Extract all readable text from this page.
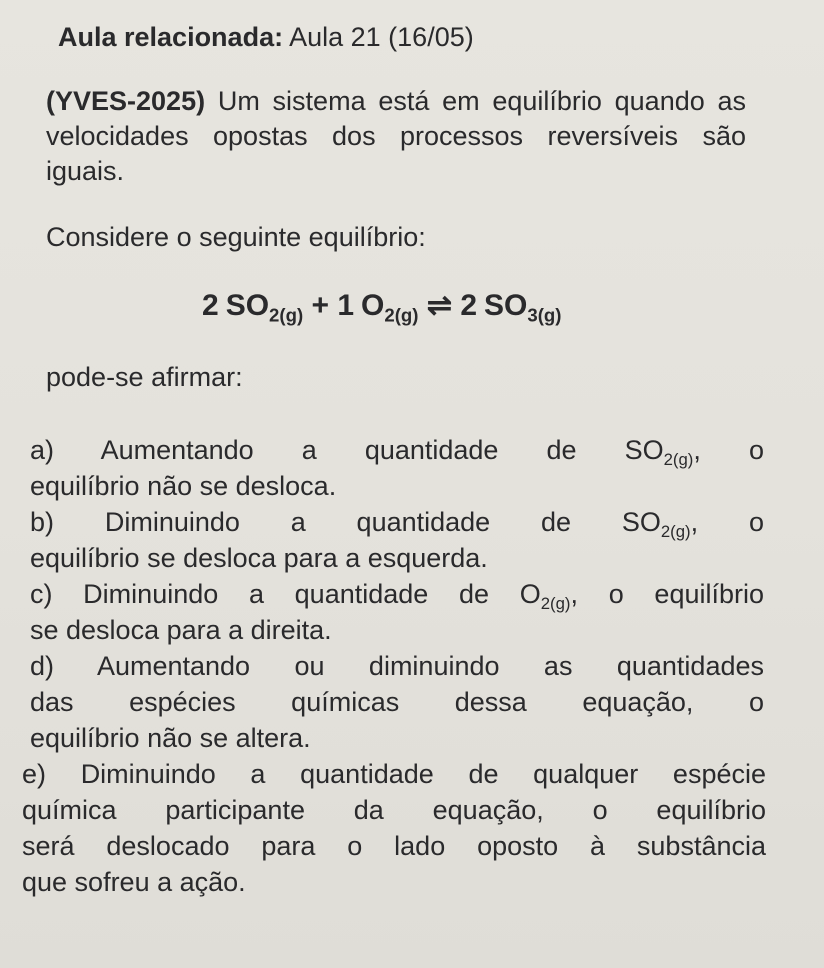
Aula relacionada: Aula 21 (16/05)
(YVES-2025) Um sistema está em equilíbrio quando as velocidades opostas dos processos reversíveis são iguais.
Considere o seguinte equilíbrio:
2 $SO_{2(g)} + 1$ $O_{2(g)}$ ⇌ 2 $SO_{3(g)}$
pode-se afirmar:
a) Aumentando a quantidade de $SO_{2(g)}$, o
equilíbrio não se desloca.
b) Diminuindo a quantidade de $SO_{2(g)}$, o
equilíbrio se desloca para a esquerda.
c) Diminuindo a quantidade de $O_{2(g)}$, o equilíbrio
se desloca para a direita.
d) Aumentando ou diminuindo as quantidades
das espécies químicas dessa equação, o
equilíbrio não se altera.
e) Diminuindo a quantidade de qualquer espécie
química participante da equação, o equilíbrio
será deslocado para o lado oposto à substância
que sofreu a ação.
